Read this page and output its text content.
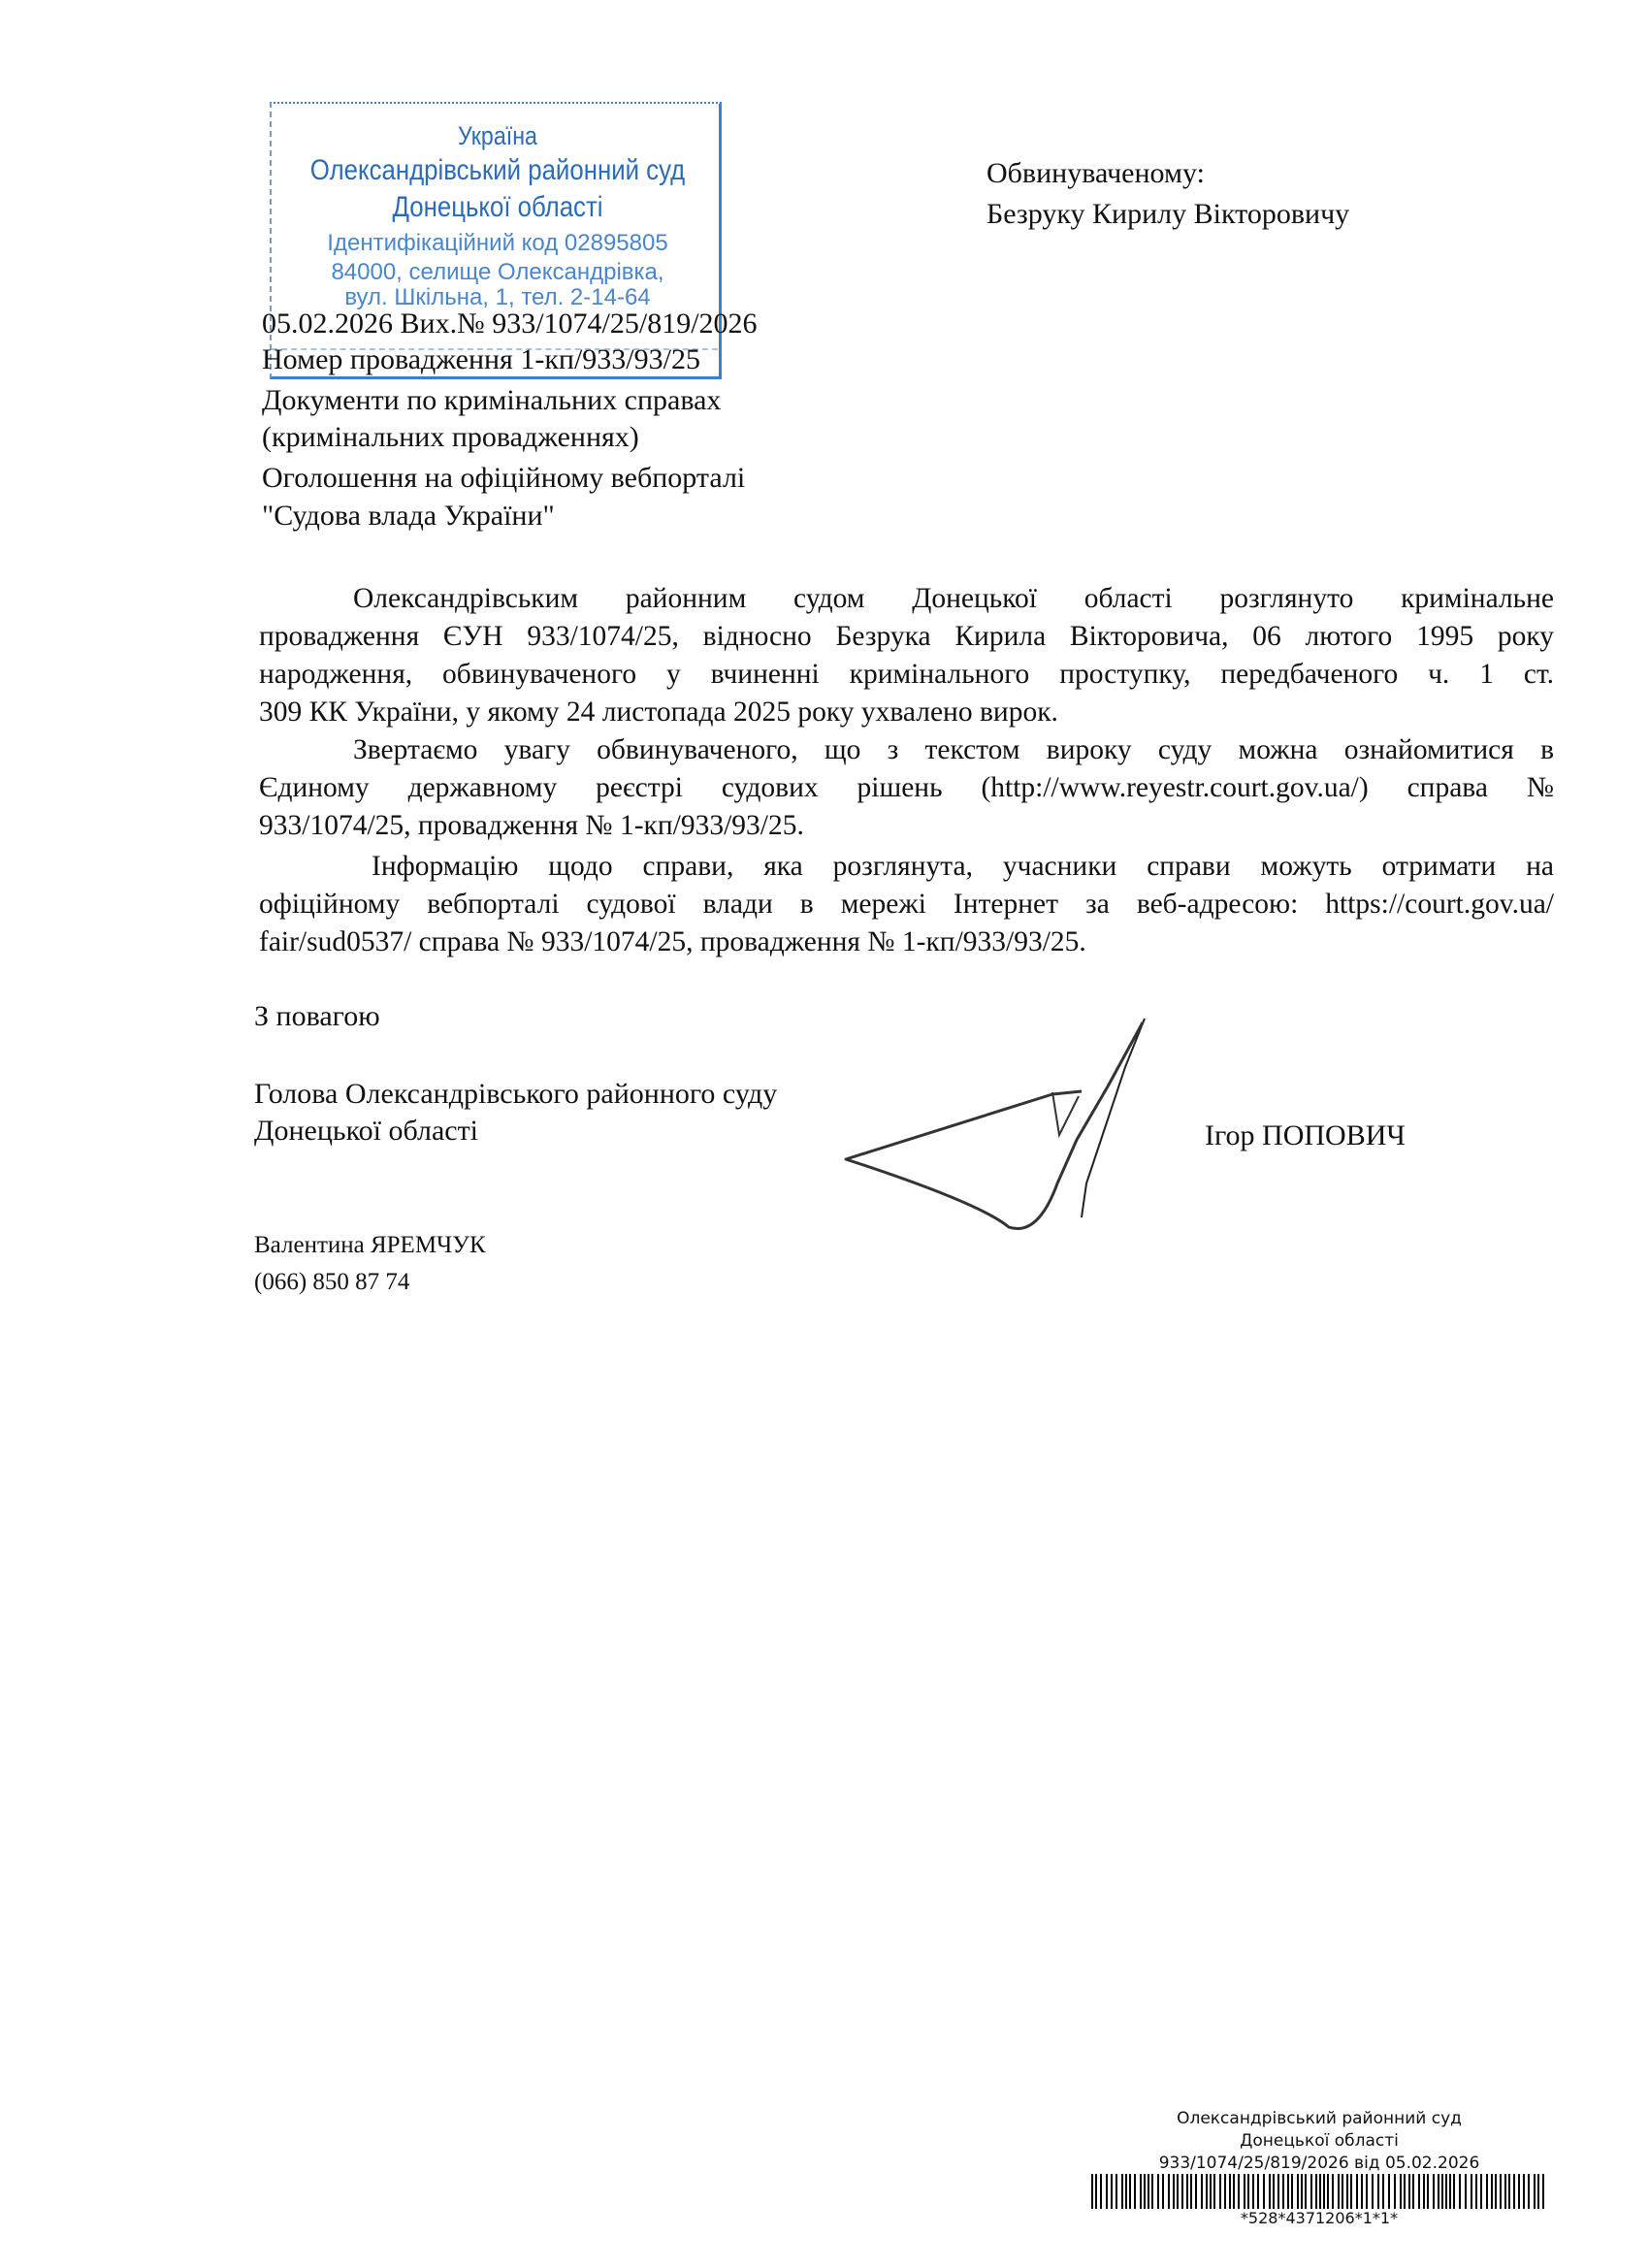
Україна
Олександрівський районний суд
Донецької області
Ідентифікаційний код 02895805
84000, селище Олександрівка,
вул. Шкільна, 1, тел. 2-14-64
Обвинуваченому:
Безруку Кирилу Вікторовичу
05.02.2026 Вих.№ 933/1074/25/819/2026
Номер провадження 1-кп/933/93/25
Документи по кримінальних справах
(кримінальних провадженнях)
Оголошення на офіційному вебпорталі
"Судова влада України"
Олександрівським районним судом Донецької області розглянуто кримінальне
провадження ЄУН 933/1074/25, відносно Безрука Кирила Вікторовича, 06 лютого 1995 року
народження, обвинуваченого у вчиненні кримінального проступку, передбаченого ч. 1 ст.
309 КК України, у якому 24 листопада 2025 року ухвалено вирок.
Звертаємо увагу обвинуваченого, що з текстом вироку суду можна ознайомитися в
Єдиному державному реєстрі судових рішень (http://www.reyestr.court.gov.ua/) справа №
933/1074/25, провадження № 1-кп/933/93/25.
Інформацію щодо справи, яка розглянута, учасники справи можуть отримати на
офіційному вебпорталі судової влади в мережі Інтернет за веб-адресою: https://court.gov.ua/
fair/sud0537/ справа № 933/1074/25, провадження № 1-кп/933/93/25.
З повагою
Голова Олександрівського районного суду
Донецької області	Ігор ПОПОВИЧ
Валентина ЯРЕМЧУК
(066) 850 87 74
Олександрівський районний суд
Донецької області
933/1074/25/819/2026 від 05.02.2026
*528*4371206*1*1*
